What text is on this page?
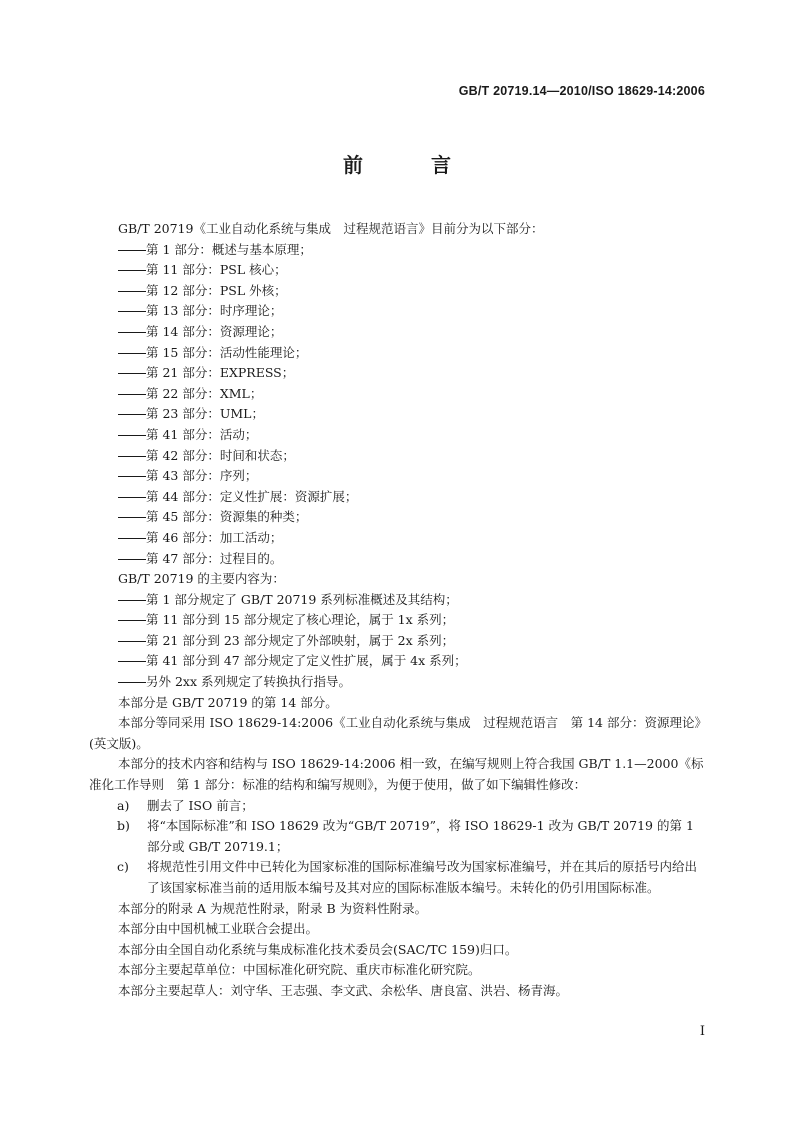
GB/T 20719.14—2010/ISO 18629-14:2006
前　言

GB/T 20719《工业自动化系统与集成　过程规范语言》目前分为以下部分：

第 1 部分：概述与基本原理；

第 11 部分：PSL 核心；

第 12 部分：PSL 外核；

第 13 部分：时序理论；

第 14 部分：资源理论；

第 15 部分：活动性能理论；

第 21 部分：EXPRESS；

第 22 部分：XML；

第 23 部分：UML；

第 41 部分：活动；

第 42 部分：时间和状态；

第 43 部分：序列；

第 44 部分：定义性扩展：资源扩展；

第 45 部分：资源集的种类；

第 46 部分：加工活动；

第 47 部分：过程目的。

GB/T 20719 的主要内容为：

第 1 部分规定了 GB/T 20719 系列标准概述及其结构；

第 11 部分到 15 部分规定了核心理论，属于 1x 系列；

第 21 部分到 23 部分规定了外部映射，属于 2x 系列；

第 41 部分到 47 部分规定了定义性扩展，属于 4x 系列；

另外 2xx 系列规定了转换执行指导。

本部分是 GB/T 20719 的第 14 部分。

本部分等同采用 ISO 18629-14:2006《工业自动化系统与集成　过程规范语言　第 14 部分：资源理论》(英文版)。

本部分的技术内容和结构与 ISO 18629-14:2006 相一致，在编写规则上符合我国 GB/T 1.1—2000《标准化工作导则　第 1 部分：标准的结构和编写规则》，为便于使用，做了如下编辑性修改：

a) 删去了 ISO 前言；

b) 将“本国际标准”和 ISO 18629 改为“GB/T 20719”，将 ISO 18629-1 改为 GB/T 20719 的第 1 部分或 GB/T 20719.1；

c) 将规范性引用文件中已转化为国家标准的国际标准编号改为国家标准编号，并在其后的原括号内给出了该国家标准当前的适用版本编号及其对应的国际标准版本编号。未转化的仍引用国际标准。

本部分的附录 A 为规范性附录，附录 B 为资料性附录。

本部分由中国机械工业联合会提出。

本部分由全国自动化系统与集成标准化技术委员会(SAC/TC 159)归口。

本部分主要起草单位：中国标准化研究院、重庆市标准化研究院。

本部分主要起草人：刘守华、王志强、李文武、余松华、唐良富、洪岩、杨青海。

I
